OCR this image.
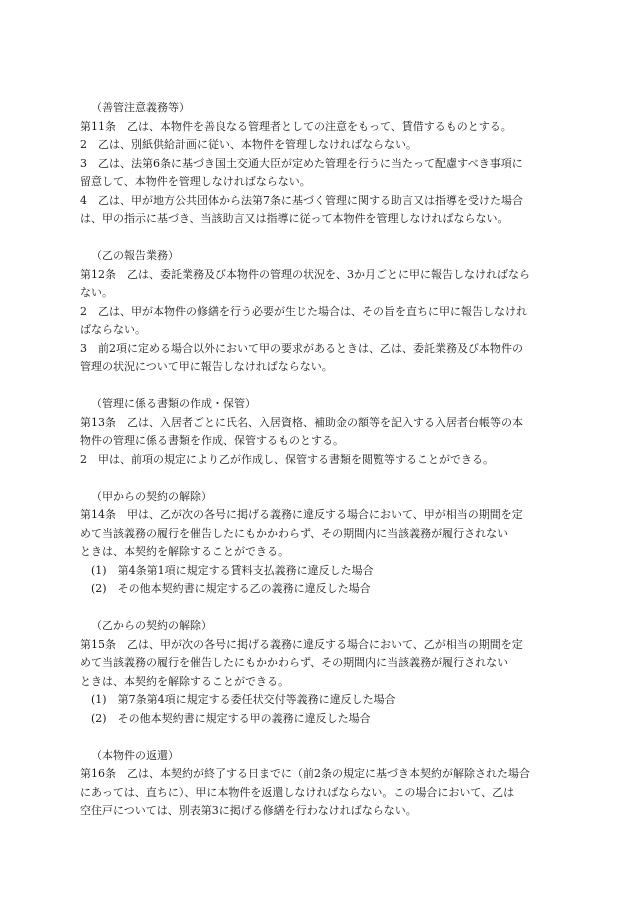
（善管注意義務等）
第11条　乙は、本物件を善良なる管理者としての注意をもって、賃借するものとする。
2　乙は、別紙供給計画に従い、本物件を管理しなければならない。
3　乙は、法第6条に基づき国土交通大臣が定めた管理を行うに当たって配慮すべき事項に
留意して、本物件を管理しなければならない。
4　乙は、甲が地方公共団体から法第7条に基づく管理に関する助言又は指導を受けた場合
は、甲の指示に基づき、当該助言又は指導に従って本物件を管理しなければならない。
（乙の報告業務）
第12条　乙は、委託業務及び本物件の管理の状況を、3か月ごとに甲に報告しなければなら
ない。
2　乙は、甲が本物件の修繕を行う必要が生じた場合は、その旨を直ちに甲に報告しなけれ
ばならない。
3　前2項に定める場合以外において甲の要求があるときは、乙は、委託業務及び本物件の
管理の状況について甲に報告しなければならない。
（管理に係る書類の作成・保管）
第13条　乙は、入居者ごとに氏名、入居資格、補助金の額等を記入する入居者台帳等の本
物件の管理に係る書類を作成、保管するものとする。
2　甲は、前項の規定により乙が作成し、保管する書類を閲覧等することができる。
（甲からの契約の解除）
第14条　甲は、乙が次の各号に掲げる義務に違反する場合において、甲が相当の期間を定
めて当該義務の履行を催告したにもかかわらず、その期間内に当該義務が履行されない
ときは、本契約を解除することができる。
(1)　第4条第1項に規定する賃料支払義務に違反した場合
(2)　その他本契約書に規定する乙の義務に違反した場合
（乙からの契約の解除）
第15条　乙は、甲が次の各号に掲げる義務に違反する場合において、乙が相当の期間を定
めて当該義務の履行を催告したにもかかわらず、その期間内に当該義務が履行されない
ときは、本契約を解除することができる。
(1)　第7条第4項に規定する委任状交付等義務に違反した場合
(2)　その他本契約書に規定する甲の義務に違反した場合
（本物件の返還）
第16条　乙は、本契約が終了する日までに（前2条の規定に基づき本契約が解除された場合
にあっては、直ちに）、甲に本物件を返還しなければならない。この場合において、乙は
空住戸については、別表第3に掲げる修繕を行わなければならない。
